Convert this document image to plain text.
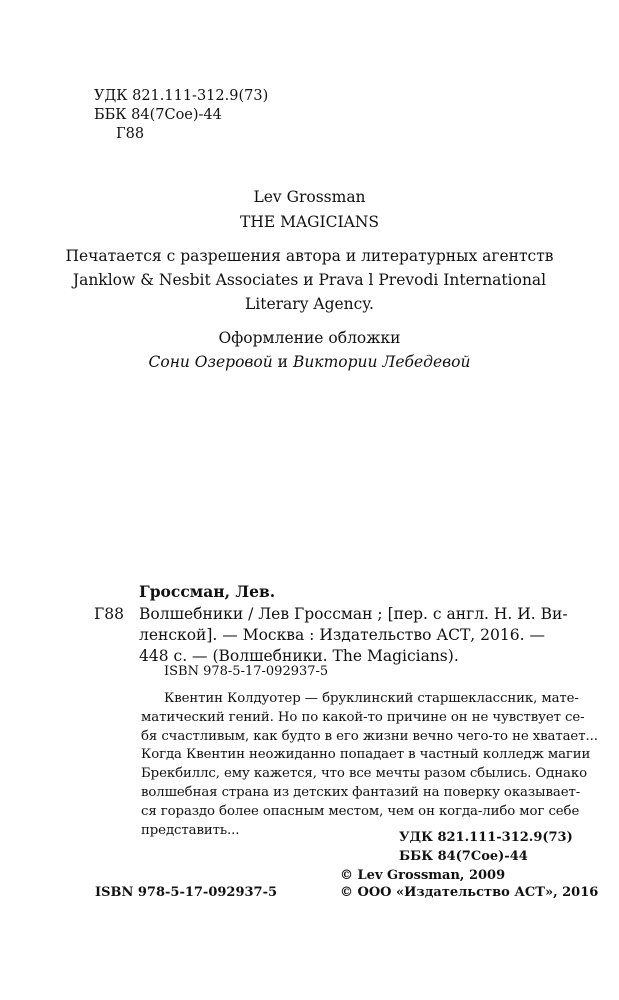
УДК 821.111-312.9(73)
ББК 84(7Сое)-44
Г88
Lev Grossman
THE MAGICIANS
Печатается с разрешения автора и литературных агентств
Janklow & Nesbit Associates и Prava l Prevodi International
Literary Agency.
Оформление обложки
Сони Озеровой и Виктории Лебедевой
Гроссман, Лев.
Г88 Волшебники / Лев Гроссман ; [пер. с англ. Н. И. Ви-
ленской]. — Москва : Издательство АСТ, 2016. —
448 с. — (Волшебники. The Magicians).
ISBN 978-5-17-092937-5
Квентин Колдуотер — бруклинский старшеклассник, мате-
матический гений. Но по какой-то причине он не чувствует се-
бя счастливым, как будто в его жизни вечно чего-то не хватает...
Когда Квентин неожиданно попадает в частный колледж магии
Брекбиллс, ему кажется, что все мечты разом сбылись. Однако
волшебная страна из детских фантазий на поверку оказывает-
ся гораздо более опасным местом, чем он когда-либо мог себе
представить...	УДК 821.111-312.9(73)
ББК 84(7Сое)-44
© Lev Grossman, 2009
ISBN 978-5-17-092937-5	© ООО «Издательство АСТ», 2016
